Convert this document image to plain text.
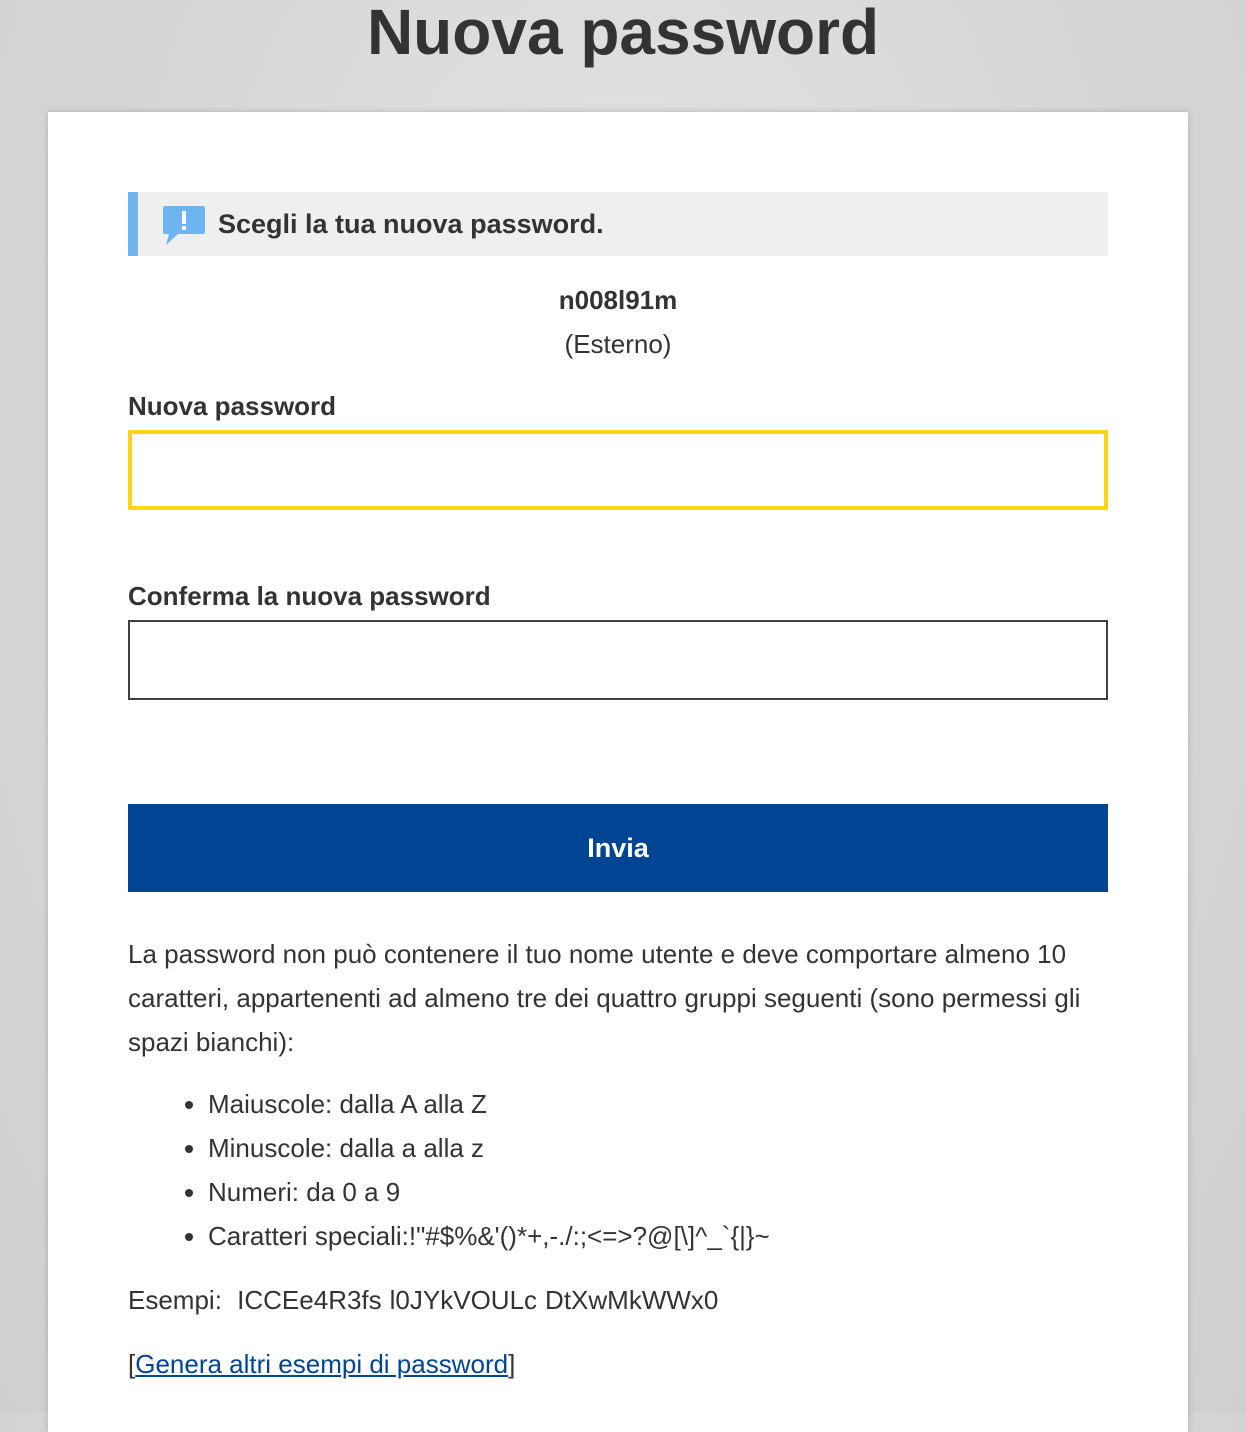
Nuova password
Scegli la tua nuova password.
n008l91m
(Esterno)
Nuova password
Conferma la nuova password
Invia
La password non può contenere il tuo nome utente e deve comportare almeno 10 caratteri, appartenenti ad almeno tre dei quattro gruppi seguenti (sono permessi gli spazi bianchi):
• Maiuscole: dalla A alla Z
• Minuscole: dalla a alla z
• Numeri: da 0 a 9
• Caratteri speciali:!"#$%&'()*+,-./:;<=>?@[\]^_`{|}~
Esempi: ICCEe4R3fs l0JYkVOULc DtXwMkWWx0
[Genera altri esempi di password]
